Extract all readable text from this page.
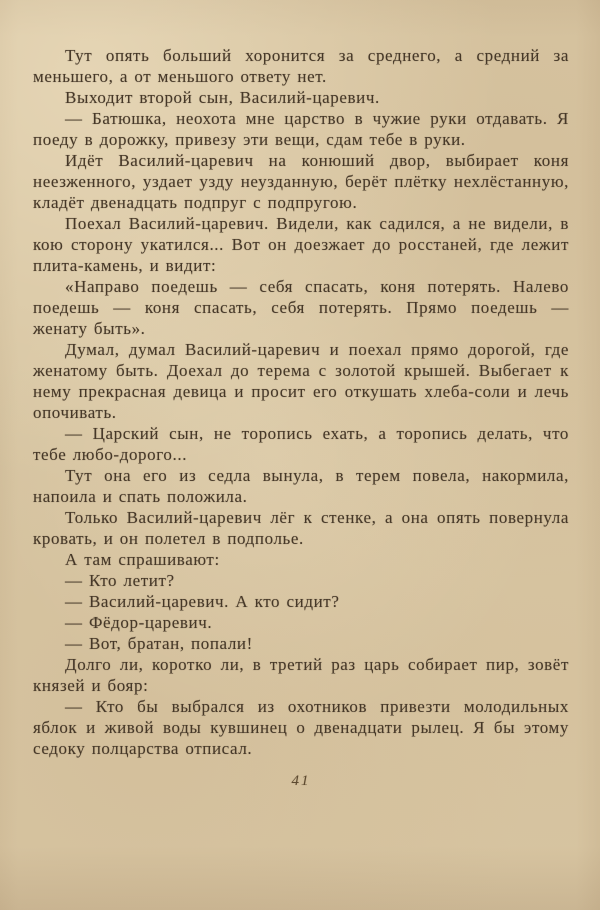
Тут опять больший хоронится за среднего, а средний за меньшего, а от меньшого ответу нет.

Выходит второй сын, Василий-царевич.

— Батюшка, неохота мне царство в чужие руки отдавать. Я поеду в дорожку, привезу эти вещи, сдам тебе в руки.

Идёт Василий-царевич на конюший двор, выбирает коня неезженного, уздает узду неузданную, берёт плётку нехлёстанную, кладёт двенадцать подпруг с подпругою.

Поехал Василий-царевич. Видели, как садился, а не видели, в кою сторону укатился... Вот он доезжает до росстаней, где лежит плита-камень, и видит:

«Направо поедешь — себя спасать, коня потерять. Налево поедешь — коня спасать, себя потерять. Прямо поедешь — женату быть».

Думал, думал Василий-царевич и поехал прямо дорогой, где женатому быть. Доехал до терема с золотой крышей. Выбегает к нему прекрасная девица и просит его откушать хлеба-соли и лечь опочивать.

— Царский сын, не торопись ехать, а торопись делать, что тебе любо-дорого...

Тут она его из седла вынула, в терем повела, накормила, напоила и спать положила.

Только Василий-царевич лёг к стенке, а она опять повернула кровать, и он полетел в подполье.

А там спрашивают:

— Кто летит?

— Василий-царевич. А кто сидит?

— Фёдор-царевич.

— Вот, братан, попали!

Долго ли, коротко ли, в третий раз царь собирает пир, зовёт князей и бояр:

— Кто бы выбрался из охотников привезти молодильных яблок и живой воды кувшинец о двенадцати рылец. Я бы этому седоку полцарства отписал.

41
